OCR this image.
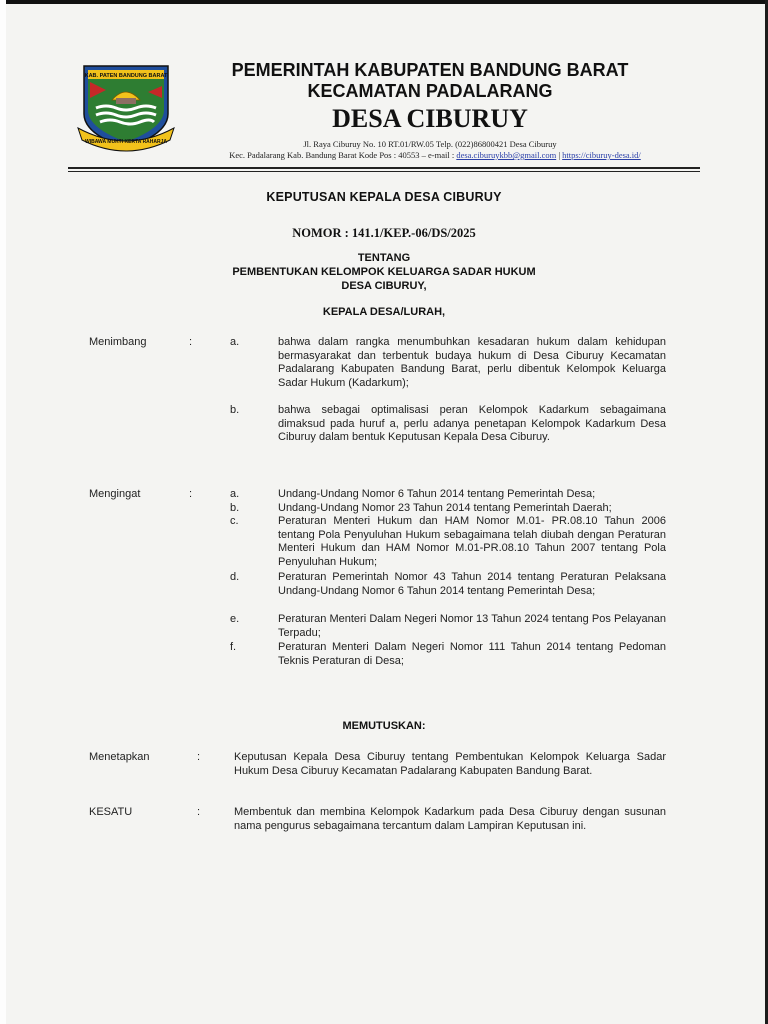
KAB. PATEN BANDUNG BARAT
WIBAWA MUKTI KERTA RAHARJA
PEMERINTAH KABUPATEN BANDUNG BARAT
KECAMATAN PADALARANG
DESA CIBURUY
Jl. Raya Ciburuy No. 10 RT.01/RW.05 Telp. (022)86800421 Desa Ciburuy
Kec. Padalarang Kab. Bandung Barat Kode Pos : 40553 – e-mail : desa.ciburuykbb@gmail.com | https://ciburuy-desa.id/
KEPUTUSAN KEPALA DESA CIBURUY
NOMOR : 141.1/KEP.-06/DS/2025
TENTANG
PEMBENTUKAN KELOMPOK KELUARGA SADAR HUKUM
DESA CIBURUY,
KEPALA DESA/LURAH,
Menimbang	:	a.	bahwa dalam rangka menumbuhkan kesadaran hukum dalam kehidupan bermasyarakat dan terbentuk budaya hukum di Desa Ciburuy Kecamatan Padalarang Kabupaten Bandung Barat, perlu dibentuk Kelompok Keluarga Sadar Hukum (Kadarkum);
b.	bahwa sebagai optimalisasi peran Kelompok Kadarkum sebagaimana dimaksud pada huruf a, perlu adanya penetapan Kelompok Kadarkum Desa Ciburuy dalam bentuk Keputusan Kepala Desa Ciburuy.
Mengingat	:	a.	Undang-Undang Nomor 6 Tahun 2014 tentang Pemerintah Desa;
b.	Undang-Undang Nomor 23 Tahun 2014 tentang Pemerintah Daerah;
c.	Peraturan Menteri Hukum dan HAM Nomor M.01- PR.08.10 Tahun 2006 tentang Pola Penyuluhan Hukum sebagaimana telah diubah dengan Peraturan Menteri Hukum dan HAM Nomor M.01-PR.08.10 Tahun 2007 tentang Pola Penyuluhan Hukum;
d.	Peraturan Pemerintah Nomor 43 Tahun 2014 tentang Peraturan Pelaksana Undang-Undang Nomor 6 Tahun 2014 tentang Pemerintah Desa;
e.	Peraturan Menteri Dalam Negeri Nomor 13 Tahun 2024 tentang Pos Pelayanan Terpadu;
f.	Peraturan Menteri Dalam Negeri Nomor 111 Tahun 2014 tentang Pedoman Teknis Peraturan di Desa;
MEMUTUSKAN:
Menetapkan	:	Keputusan Kepala Desa Ciburuy tentang Pembentukan Kelompok Keluarga Sadar Hukum Desa Ciburuy Kecamatan Padalarang Kabupaten Bandung Barat.
KESATU	:	Membentuk dan membina Kelompok Kadarkum pada Desa Ciburuy dengan susunan nama pengurus sebagaimana tercantum dalam Lampiran Keputusan ini.
